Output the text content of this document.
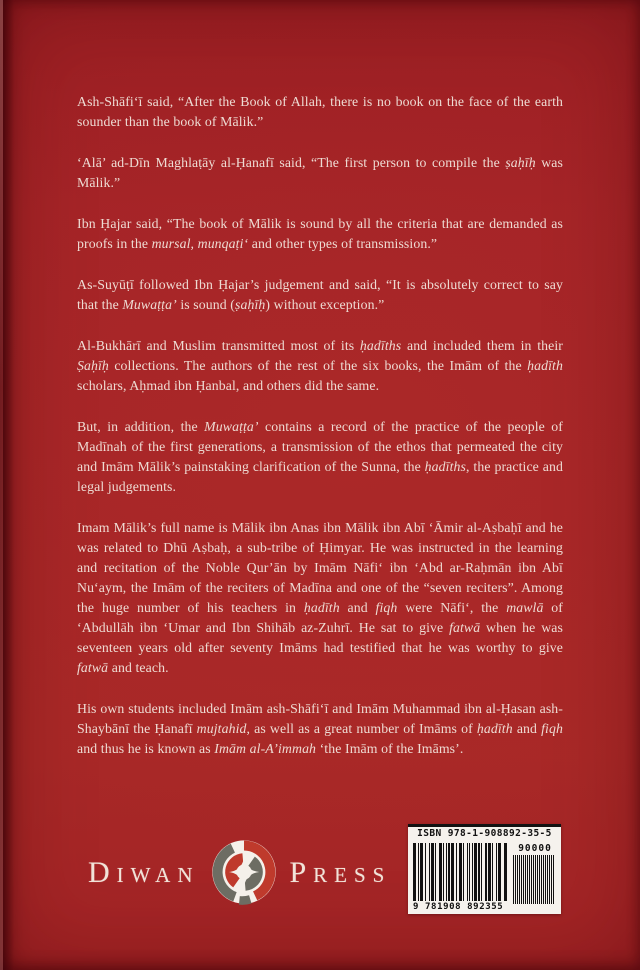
Ash-Shāfi‘ī said, “After the Book of Allah, there is no book on the face of the earth sounder than the book of Mālik.”

‘Alā’ ad-Dīn Maghlaṭāy al-Ḥanafī said, “The first person to compile the ṣaḥīḥ was Mālik.”

Ibn Ḥajar said, “The book of Mālik is sound by all the criteria that are demanded as proofs in the mursal, munqaṭi‘ and other types of transmission.”

As-Suyūṭī followed Ibn Ḥajar’s judgement and said, “It is absolutely correct to say that the Muwaṭṭa’ is sound (ṣaḥīḥ) without exception.”

Al-Bukhārī and Muslim transmitted most of its ḥadīths and included them in their Ṣaḥīḥ collections. The authors of the rest of the six books, the Imām of the ḥadīth scholars, Aḥmad ibn Ḥanbal, and others did the same.

But, in addition, the Muwaṭṭa’ contains a record of the practice of the people of Madīnah of the first generations, a transmission of the ethos that permeated the city and Imām Mālik’s painstaking clarification of the Sunna, the ḥadīths, the practice and legal judgements.

Imam Mālik’s full name is Mālik ibn Anas ibn Mālik ibn Abī ‘Āmir al-Aṣbaḥī and he was related to Dhū Aṣbaḥ, a sub-tribe of Ḥimyar. He was instructed in the learning and recitation of the Noble Qur’ān by Imām Nāfi‘ ibn ‘Abd ar-Raḥmān ibn Abī Nu‘aym, the Imām of the reciters of Madīna and one of the “seven reciters”. Among the huge number of his teachers in ḥadīth and fiqh were Nāfi‘, the mawlā of ‘Abdullāh ibn ‘Umar and Ibn Shihāb az-Zuhrī. He sat to give fatwā when he was seventeen years old after seventy Imāms had testified that he was worthy to give fatwā and teach.

His own students included Imām ash-Shāfi‘ī and Imām Muhammad ibn al-Ḥasan ash-Shaybānī the Ḥanafī mujtahid, as well as a great number of Imāms of ḥadīth and fiqh and thus he is known as Imām al-A’immah ‘the Imām of the Imāms’.

Diwan	Press
ISBN 978-1-908892-35-5
9 781908 892355
90000
